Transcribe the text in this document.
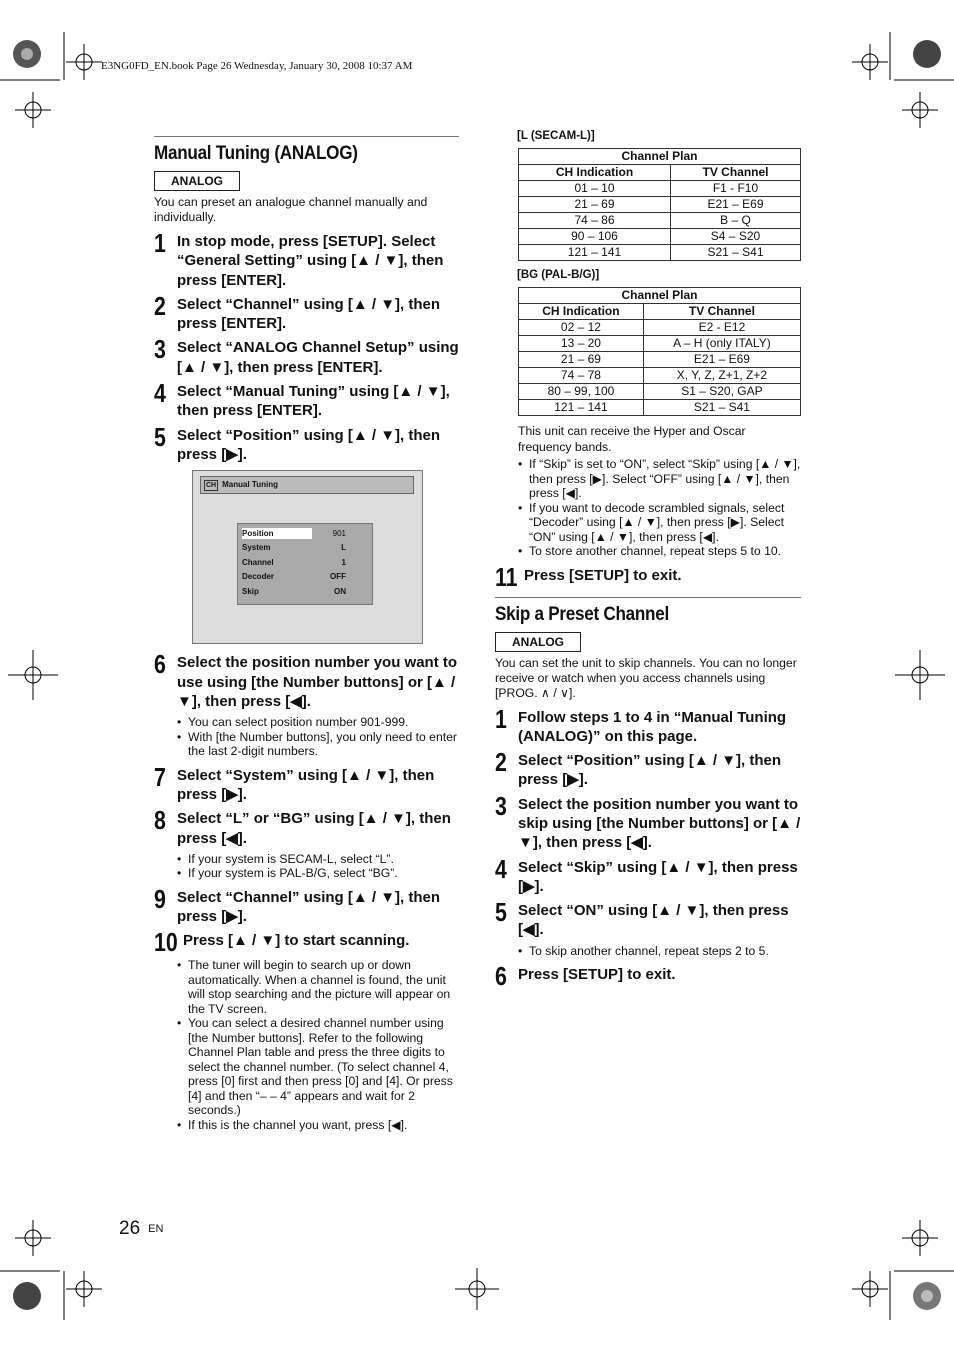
E3NG0FD_EN.book Page 26 Wednesday, January 30, 2008 10:37 AM
Manual Tuning (ANALOG)
ANALOG
You can preset an analogue channel manually and individually.
1 In stop mode, press [SETUP]. Select “General Setting” using [▲ / ▼], then press [ENTER].
2 Select “Channel” using [▲ / ▼], then press [ENTER].
3 Select “ANALOG Channel Setup” using [▲ / ▼], then press [ENTER].
4 Select “Manual Tuning” using [▲ / ▼], then press [ENTER].
5 Select “Position” using [▲ / ▼], then press [▶].
CH Manual Tuning
Position	901
System	L
Channel	1
Decoder	OFF
Skip	ON
6 Select the position number you want to use using [the Number buttons] or [▲ / ▼], then press [◀].
• You can select position number 901-999.
• With [the Number buttons], you only need to enter the last 2-digit numbers.
7 Select “System” using [▲ / ▼], then press [▶].
8 Select “L” or “BG” using [▲ / ▼], then press [◀].
• If your system is SECAM-L, select “L”.
• If your system is PAL-B/G, select “BG”.
9 Select “Channel” using [▲ / ▼], then press [▶].
10 Press [▲ / ▼] to start scanning.
• The tuner will begin to search up or down automatically. When a channel is found, the unit will stop searching and the picture will appear on the TV screen.
• You can select a desired channel number using [the Number buttons]. Refer to the following Channel Plan table and press the three digits to select the channel number. (To select channel 4, press [0] first and then press [0] and [4]. Or press [4] and then “– – 4” appears and wait for 2 seconds.)
• If this is the channel you want, press [◀].
[L (SECAM-L)]
Channel Plan	
CH Indication	TV Channel
01 – 10	F1 - F10
21 – 69	E21 – E69
74 – 86	B – Q
90 – 106	S4 – S20
121 – 141	S21 – S41
[BG (PAL-B/G)]
Channel Plan	
CH Indication	TV Channel
02 – 12	E2 - E12
13 – 20	A – H (only ITALY)
21 – 69	E21 – E69
74 – 78	X, Y, Z, Z+1, Z+2
80 – 99, 100	S1 – S20, GAP
121 – 141	S21 – S41
This unit can receive the Hyper and Oscar frequency bands.
• If “Skip” is set to “ON”, select “Skip” using [▲ / ▼], then press [▶]. Select “OFF” using [▲ / ▼], then press [◀].
• If you want to decode scrambled signals, select “Decoder” using [▲ / ▼], then press [▶]. Select “ON” using [▲ / ▼], then press [◀].
• To store another channel, repeat steps 5 to 10.
11 Press [SETUP] to exit.
Skip a Preset Channel
ANALOG
You can set the unit to skip channels. You can no longer receive or watch when you access channels using [PROG. ∧ / ∨].
1 Follow steps 1 to 4 in “Manual Tuning (ANALOG)” on this page.
2 Select “Position” using [▲ / ▼], then press [▶].
3 Select the position number you want to skip using [the Number buttons] or [▲ / ▼], then press [◀].
4 Select “Skip” using [▲ / ▼], then press [▶].
5 Select “ON” using [▲ / ▼], then press [◀].
• To skip another channel, repeat steps 2 to 5.
6 Press [SETUP] to exit.
26 EN
